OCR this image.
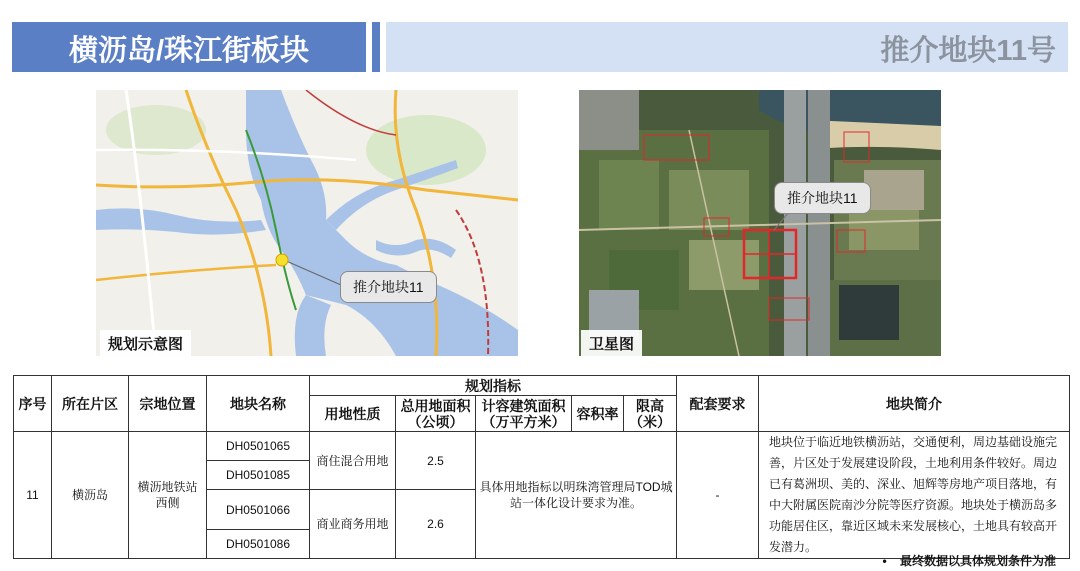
横沥岛/珠江街板块	推介地块11号
推介地块11
规划示意图
推介地块11
卫星图
序号	所在片区	宗地位置	地块名称	规划指标					配套要求	地块简介
				用地性质	总用地面积（公顷）	计容建筑面积（万平方米）	容积率	限高（米）		
11	横沥岛	横沥地铁站西侧	DH0501065	商住混合用地	2.5	具体用地指标以明珠湾管理局TOD城站一体化设计要求为准。			-	地块位于临近地铁横沥站，交通便利，周边基础设施完善，片区处于发展建设阶段，土地利用条件较好。周边已有葛洲坝、美的、深业、旭辉等房地产项目落地，有中大附属医院南沙分院等医疗资源。地块处于横沥岛多功能居住区，靠近区域未来发展核心，土地具有较高开发潜力。
			DH0501085							
			DH0501066	商业商务用地	2.6					
			DH0501086							
• 最终数据以具体规划条件为准
